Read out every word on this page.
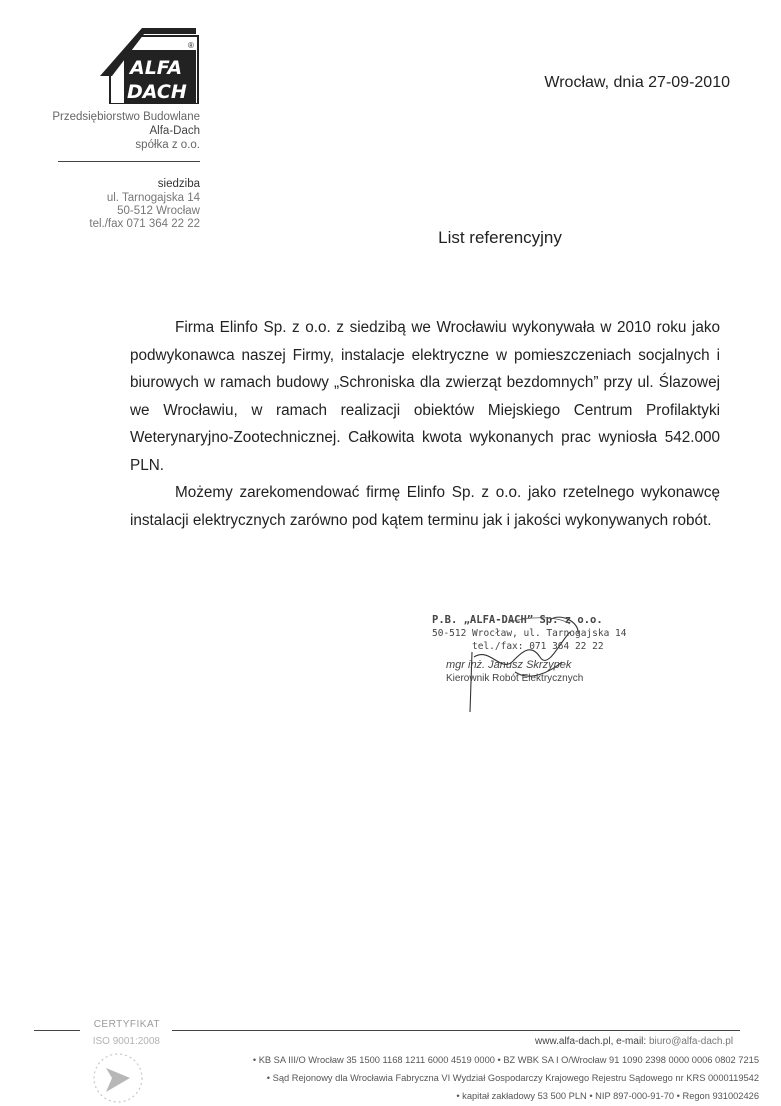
ALFA
DACH
®
Przedsiębiorstwo Budowlane
Alfa-Dach
spółka z o.o.
siedziba
ul. Tarnogajska 14
50-512 Wrocław
tel./fax 071 364 22 22
Wrocław, dnia 27-09-2010
List referencyjny

Firma Elinfo Sp. z o.o. z siedzibą we Wrocławiu wykonywała w 2010 roku jako podwykonawca naszej Firmy, instalacje elektryczne w pomieszczeniach socjalnych i biurowych w ramach budowy „Schroniska dla zwierząt bezdomnych” przy ul. Ślazowej we Wrocławiu, w ramach realizacji obiektów Miejskiego Centrum Profilaktyki Weterynaryjno-Zootechnicznej. Całkowita kwota wykonanych prac wyniosła 542.000 PLN.

Możemy zarekomendować firmę Elinfo Sp. z o.o. jako rzetelnego wykonawcę instalacji elektrycznych zarówno pod kątem terminu jak i jakości wykonywanych robót.

P.B. „ALFA-DACH” Sp. z o.o.
50-512 Wrocław, ul. Tarnogajska 14
tel./fax: 071 364 22 22
mgr inż. Janusz Skrzypek
Kierownik Robót Elektrycznych
CERTYFIKAT
ISO 9001:2008	www.alfa-dach.pl, e-mail: biuro@alfa-dach.pl
• KB SA III/O Wrocław 35 1500 1168 1211 6000 4519 0000 • BZ WBK SA I O/Wrocław 91 1090 2398 0000 0006 0802 7215
• Sąd Rejonowy dla Wrocławia Fabryczna VI Wydział Gospodarczy Krajowego Rejestru Sądowego nr KRS 0000119542
• kapitał zakładowy 53 500 PLN • NIP 897-000-91-70 • Regon 931002426
